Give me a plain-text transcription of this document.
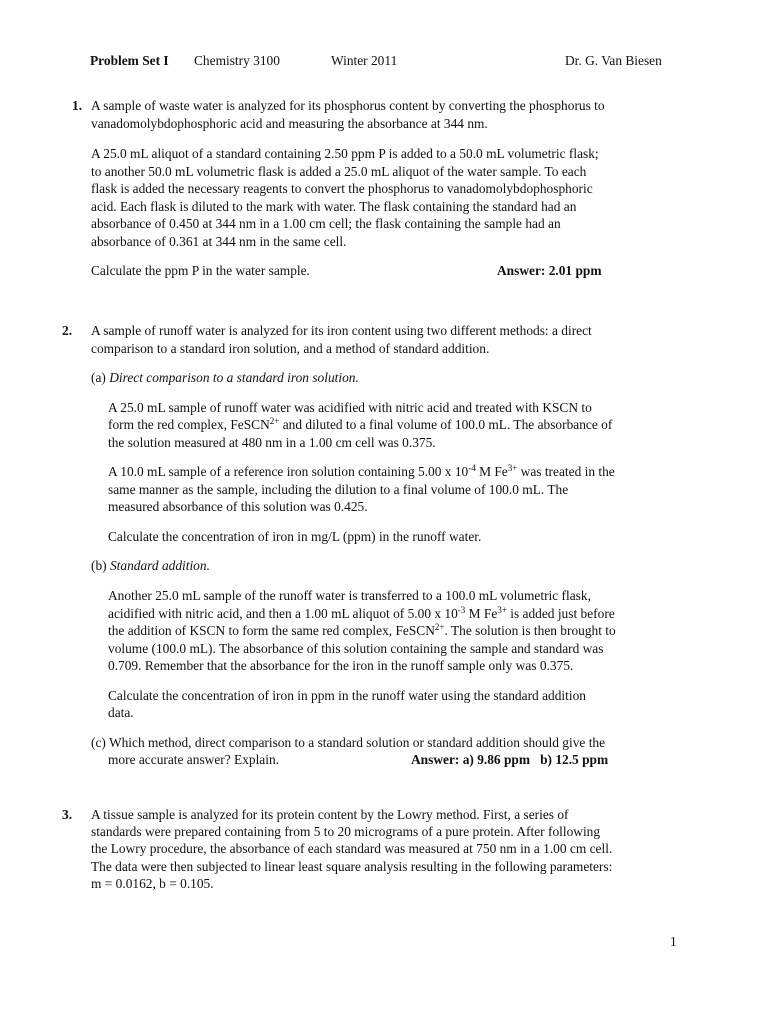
Problem Set I Chemistry 3100	Winter 2011	Dr. G. Van Biesen
1. A sample of waste water is analyzed for its phosphorus content by converting the phosphorus to

vanadomolybdophosphoric acid and measuring the absorbance at 344 nm.

A 25.0 mL aliquot of a standard containing 2.50 ppm P is added to a 50.0 mL volumetric flask;

to another 50.0 mL volumetric flask is added a 25.0 mL aliquot of the water sample. To each

flask is added the necessary reagents to convert the phosphorus to vanadomolybdophosphoric

acid. Each flask is diluted to the mark with water. The flask containing the standard had an

absorbance of 0.450 at 344 nm in a 1.00 cm cell; the flask containing the sample had an

absorbance of 0.361 at 344 nm in the same cell.

Calculate the ppm P in the water sample.	Answer: 2.01 ppm

2. A sample of runoff water is analyzed for its iron content using two different methods: a direct

comparison to a standard iron solution, and a method of standard addition.

(a) Direct comparison to a standard iron solution.

A 25.0 mL sample of runoff water was acidified with nitric acid and treated with KSCN to

form the red complex, FeSCN$^{2+}$ and diluted to a final volume of 100.0 mL. The absorbance of

the solution measured at 480 nm in a 1.00 cm cell was 0.375.

A 10.0 mL sample of a reference iron solution containing 5.00 x $10^{-4}$ M $Fe^{3+}$ was treated in the

same manner as the sample, including the dilution to a final volume of 100.0 mL. The

measured absorbance of this solution was 0.425.

Calculate the concentration of iron in mg/L (ppm) in the runoff water.

(b) Standard addition.

Another 25.0 mL sample of the runoff water is transferred to a 100.0 mL volumetric flask,

acidified with nitric acid, and then a 1.00 mL aliquot of 5.00 x $10^{-3}$ M $Fe^{3+}$ is added just before

the addition of KSCN to form the same red complex, FeSCN$^{2+}$. The solution is then brought to

volume (100.0 mL). The absorbance of this solution containing the sample and standard was

0.709. Remember that the absorbance for the iron in the runoff sample only was 0.375.

Calculate the concentration of iron in ppm in the runoff water using the standard addition

data.

(c) Which method, direct comparison to a standard solution or standard addition should give the

more accurate answer? Explain.	Answer: a) 9.86 ppm   b) 12.5 ppm

3. A tissue sample is analyzed for its protein content by the Lowry method. First, a series of

standards were prepared containing from 5 to 20 micrograms of a pure protein. After following

the Lowry procedure, the absorbance of each standard was measured at 750 nm in a 1.00 cm cell.

The data were then subjected to linear least square analysis resulting in the following parameters:

m = 0.0162, b = 0.105.

1
